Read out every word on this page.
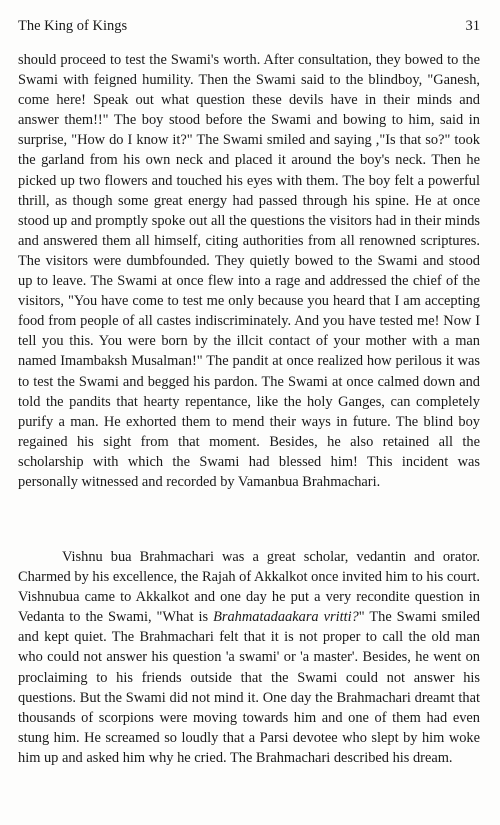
The King of Kings	31

should proceed to test the Swami's worth. After consultation, they bowed to the Swami with feigned humility. Then the Swami said to the blindboy, "Ganesh, come here! Speak out what question these devils have in their minds and answer them!!" The boy stood before the Swami and bowing to him, said in surprise, "How do I know it?" The Swami smiled and saying ,"Is that so?" took the garland from his own neck and placed it around the boy's neck. Then he picked up two flowers and touched his eyes with them. The boy felt a powerful thrill, as though some great energy had passed through his spine. He at once stood up and promptly spoke out all the questions the visitors had in their minds and answered them all himself, citing authorities from all renowned scriptures. The visitors were dumbfounded. They quietly bowed to the Swami and stood up to leave. The Swami at once flew into a rage and addressed the chief of the visitors, "You have come to test me only because you heard that I am accepting food from people of all castes indiscriminately. And you have tested me! Now I tell you this. You were born by the illcit contact of your mother with a man named Imambaksh Musalman!" The pandit at once realized how perilous it was to test the Swami and begged his pardon. The Swami at once calmed down and told the pandits that hearty repentance, like the holy Ganges, can completely purify a man. He exhorted them to mend their ways in future. The blind boy regained his sight from that moment. Besides, he also retained all the scholarship with which the Swami had blessed him! This incident was personally witnessed and recorded by Vamanbua Brahmachari.

Vishnu bua Brahmachari was a great scholar, vedantin and orator. Charmed by his excellence, the Rajah of Akkalkot once invited him to his court. Vishnubua came to Akkalkot and one day he put a very recondite question in Vedanta to the Swami, "What is Brahmatadaakara vritti?" The Swami smiled and kept quiet. The Brahmachari felt that it is not proper to call the old man who could not answer his question 'a swami' or 'a master'. Besides, he went on proclaiming to his friends outside that the Swami could not answer his questions. But the Swami did not mind it. One day the Brahmachari dreamt that thousands of scorpions were moving towards him and one of them had even stung him. He screamed so loudly that a Parsi devotee who slept by him woke him up and asked him why he cried. The Brahmachari described his dream.
